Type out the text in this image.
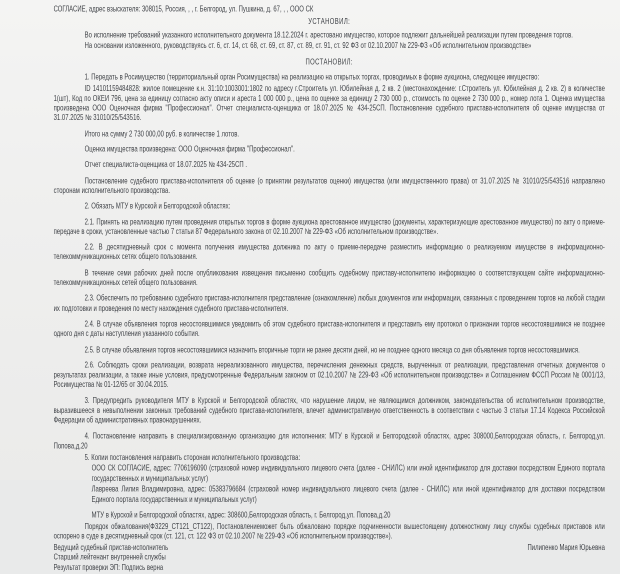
СОГЛАСИЕ, адрес взыскателя: 308015, Россия, , , г. Белгород, ул. Пушкина, д. 67, , , ООО СК

УСТАНОВИЛ:

Во исполнение требований указанного исполнительного документа 18.12.2024 г. арестовано имущество, которое подлежит дальнейшей реализации путем проведения торгов.

На основании изложенного, руководствуясь ст. 6, ст. 14, ст. 68, ст. 69, ст. 87, ст. 89, ст. 91, ст. 92 ФЗ от 02.10.2007 № 229-ФЗ «Об исполнительном производстве»

ПОСТАНОВИЛ:

1. Передать в Росимущество (территориальный орган Росимущества) на реализацию на открытых торгах, проводимых в форме аукциона, следующее имущество:

ID 14101159484828: жилое помещение к.н. 31:10:1003001:1802 по адресу г.Строитель ул. Юбилейная д. 2 кв. 2 (местонахождение: г.Строитель ул. Юбилейная д. 2 кв. 2) в количестве 1(шт), Код по ОКЕИ 796, цена за единицу согласно акту описи и ареста 1 000 000 р., цена по оценке за единицу 2 730 000 р., стоимость по оценке 2 730 000 р., номер лота 1. Оценка имущества произведена ООО Оценочная фирма "Профессионал". Отчет специалиста-оценщика от 18.07.2025 № 434-25СП. Постановление судебного пристава-исполнителя об оценке имущества от 31.07.2025 № 31010/25/543516.

Итого на сумму 2 730 000,00 руб. в количестве 1 лотов.

Оценка имущества произведена: ООО Оценочная фирма "Профессионал".

Отчет специалиста-оценщика от 18.07.2025 № 434-25СП .

Постановление судебного пристава-исполнителя об оценке (о принятии результатов оценки) имущества (или имущественного права) от 31.07.2025 № 31010/25/543516 направлено сторонам исполнительного производства.

2. Обязать МТУ в Курской и Белгородской областях:

2.1. Принять на реализацию путем проведения открытых торгов в форме аукциона арестованное имущество (документы, характеризующие арестованное имущество) по акту о приеме-передаче в сроки, установленные частью 7 статьи 87 Федерального закона от 02.10.2007 № 229-ФЗ «Об исполнительном производстве».

2.2. В десятидневный срок с момента получения имущества должника по акту о приеме-передаче разместить информацию о реализуемом имуществе в информационно-телекоммуникационных сетях общего пользования.

В течение семи рабочих дней после опубликования извещения письменно сообщить судебному приставу-исполнителю информацию о соответствующем сайте информационно-телекоммуникационных сетей общего пользования.

2.3. Обеспечить по требованию судебного пристава-исполнителя представление (ознакомление) любых документов или информации, связанных с проведением торгов на любой стадии их подготовки и проведения по месту нахождения судебного пристава-исполнителя.

2.4. В случае объявления торгов несостоявшимися уведомить об этом судебного пристава-исполнителя и представить ему протокол о признании торгов несостоявшимися не позднее одного дня с даты наступления указанного события.

2.5. В случае объявления торгов несостоявшимися назначить вторичные торги не ранее десяти дней, но не позднее одного месяца со дня объявления торгов несостоявшимися.

2.6. Соблюдать сроки реализации, возврата нереализованного имущества, перечисления денежных средств, вырученных от реализации, представления отчетных документов о результатах реализации, а также иные условия, предусмотренные Федеральным законом от 02.10.2007 № 229-ФЗ «Об исполнительном производстве» и Соглашением ФССП России № 0001/13, Росимущества № 01-12/65 от 30.04.2015.

3. Предупредить руководителя МТУ в Курской и Белгородской областях, что нарушение лицом, не являющимся должником, законодательства об исполнительном производстве, выразившееся в невыполнении законных требований судебного пристава-исполнителя, влечет административную ответственность в соответствии с частью 3 статьи 17.14 Кодекса Российской Федерации об административных правонарушениях.

4. Постановление направить в специализированную организацию для исполнения: МТУ в Курской и Белгородской областях, адрес 308000,Белгородская область, г. Белгород,ул. Попова,д.20

5. Копии постановления направить сторонам исполнительного производства:

ООО СК СОГЛАСИЕ, адрес: 7706196090 (страховой номер индивидуального лицевого счета (далее - СНИЛС) или иной идентификатор для доставки посредством Единого портала государственных и муниципальных услуг)

Лавреева Лилия Владимировна, адрес: 05383796684 (страховой номер индивидуального лицевого счета (далее - СНИЛС) или иной идентификатор для доставки посредством Единого портала государственных и муниципальных услуг)

МТУ в Курской и Белгородской областях, адрес: 308600,Белгородская область, г. Белгород,ул. Попова,д.20

Порядок обжалования(ФЗ229_СТ121_СТ122), Постановлениеможет быть обжаловано порядке подчиненности вышестоящему должностному лицу службы судебных приставов или оспорено в суде в десятидневный срок (ст. 121, ст. 122 ФЗ от 02.10.2007 № 229-ФЗ «Об исполнительном производстве»).

Ведущий судебный пристав-исполнитель	Пилипенко Мария Юрьевна

Старший лейтенант внутренней службы

Результат проверки ЭП: Подпись верна
